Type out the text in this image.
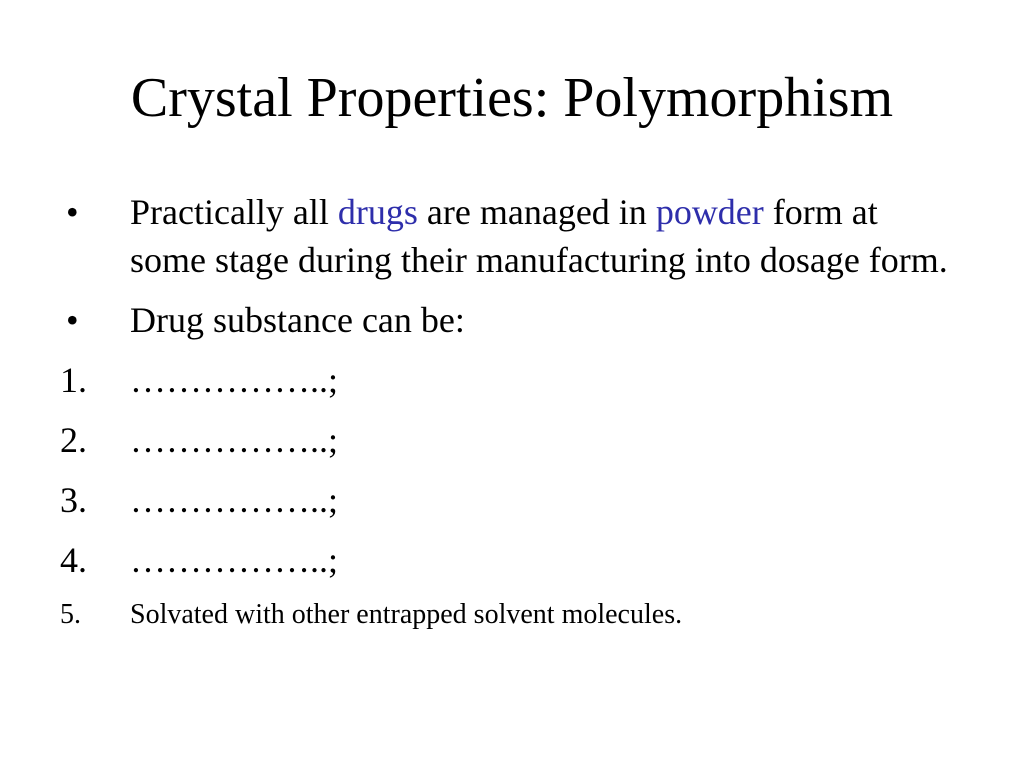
Crystal Properties: Polymorphism
•	Practically all drugs are managed in powder form at some stage during their manufacturing into dosage form.
•	Drug substance can be:
1.	……………..;
2.	……………..;
3.	……………..;
4.	……………..;
5.	Solvated with other entrapped solvent molecules.
